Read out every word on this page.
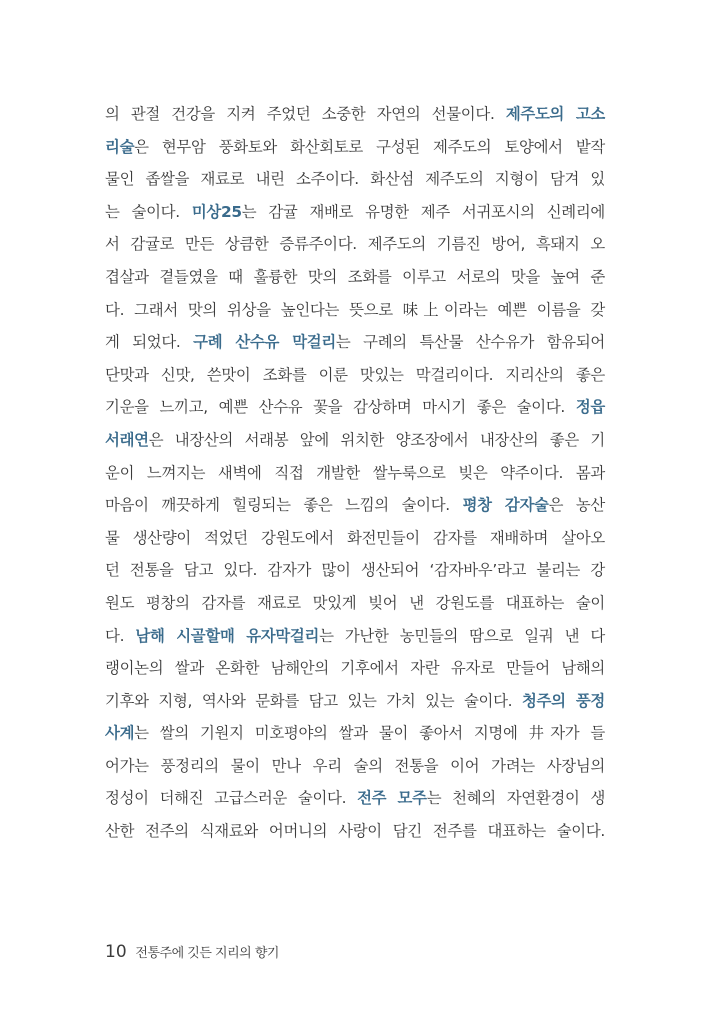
의 관절 건강을 지켜 주었던 소중한 자연의 선물이다. 제주도의 고소
리술은 현무암 풍화토와 화산회토로 구성된 제주도의 토양에서 밭작
물인 좁쌀을 재료로 내린 소주이다. 화산섬 제주도의 지형이 담겨 있
는 술이다. 미상25는 감귤 재배로 유명한 제주 서귀포시의 신례리에
서 감귤로 만든 상큼한 증류주이다. 제주도의 기름진 방어, 흑돼지 오
겹살과 곁들였을 때 훌륭한 맛의 조화를 이루고 서로의 맛을 높여 준
다. 그래서 맛의 위상을 높인다는 뜻으로 味上이라는 예쁜 이름을 갖
게 되었다. 구례 산수유 막걸리는 구례의 특산물 산수유가 함유되어
단맛과 신맛, 쓴맛이 조화를 이룬 맛있는 막걸리이다. 지리산의 좋은
기운을 느끼고, 예쁜 산수유 꽃을 감상하며 마시기 좋은 술이다. 정읍
서래연은 내장산의 서래봉 앞에 위치한 양조장에서 내장산의 좋은 기
운이 느껴지는 새벽에 직접 개발한 쌀누룩으로 빚은 약주이다. 몸과
마음이 깨끗하게 힐링되는 좋은 느낌의 술이다. 평창 감자술은 농산
물 생산량이 적었던 강원도에서 화전민들이 감자를 재배하며 살아오
던 전통을 담고 있다. 감자가 많이 생산되어 ‘감자바우’라고 불리는 강
원도 평창의 감자를 재료로 맛있게 빚어 낸 강원도를 대표하는 술이
다. 남해 시골할매 유자막걸리는 가난한 농민들의 땀으로 일궈 낸 다
랭이논의 쌀과 온화한 남해안의 기후에서 자란 유자로 만들어 남해의
기후와 지형, 역사와 문화를 담고 있는 가치 있는 술이다. 청주의 풍정
사계는 쌀의 기원지 미호평야의 쌀과 물이 좋아서 지명에 井자가 들
어가는 풍정리의 물이 만나 우리 술의 전통을 이어 가려는 사장님의
정성이 더해진 고급스러운 술이다. 전주 모주는 천혜의 자연환경이 생
산한 전주의 식재료와 어머니의 사랑이 담긴 전주를 대표하는 술이다.
10 전통주에 깃든 지리의 향기
